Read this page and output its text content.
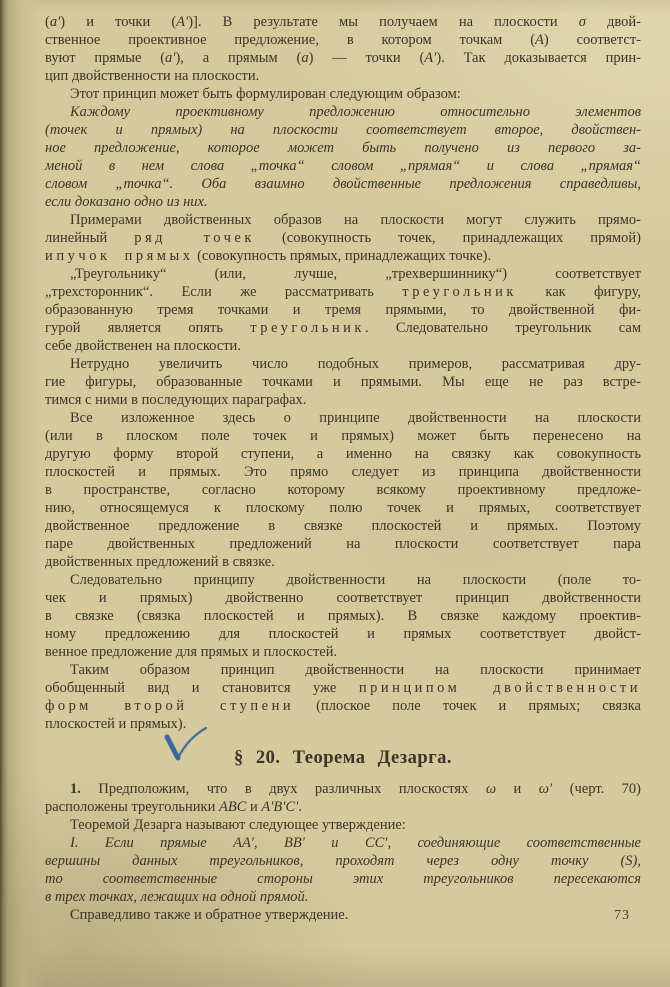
(a′) и точки (A′)]. В результате мы получаем на плоскости σ двой-
ственное проективное предложение, в котором точкам (A) соответст-
вуют прямые (a′), а прямым (a) — точки (A′). Так доказывается прин-
цип двойственности на плоскости.
Этот принцип может быть формулирован следующим образом:
Каждому проективному предложению относительно элементов
(точек и прямых) на плоскости соответствует второе, двойствен-
ное предложение, которое может быть получено из первого за-
меной в нем слова „точка“ словом „прямая“ и слова „прямая“
словом „точка“. Оба взаимно двойственные предложения справедливы,
если доказано одно из них.
Примерами двойственных образов на плоскости могут служить прямо-
линейный ряд точек (совокупность точек, принадлежащих прямой)
и пучок прямых (совокупность прямых, принадлежащих точке).
„Треугольнику“ (или, лучше, „трехвершиннику“) соответствует
„трехсторонник“. Если же рассматривать треугольник как фигуру,
образованную тремя точками и тремя прямыми, то двойственной фи-
гурой является опять треугольник. Следовательно треугольник сам
себе двойственен на плоскости.
Нетрудно увеличить число подобных примеров, рассматривая дру-
гие фигуры, образованные точками и прямыми. Мы еще не раз встре-
тимся с ними в последующих параграфах.
Все изложенное здесь о принципе двойственности на плоскости
(или в плоском поле точек и прямых) может быть перенесено на
другую форму второй ступени, а именно на связку как совокупность
плоскостей и прямых. Это прямо следует из принципа двойственности
в пространстве, согласно которому всякому проективному предложе-
нию, относящемуся к плоскому полю точек и прямых, соответствует
двойственное предложение в связке плоскостей и прямых. Поэтому
паре двойственных предложений на плоскости соответствует пара
двойственных предложений в связке.
Следовательно принципу двойственности на плоскости (поле то-
чек и прямых) двойственно соответствует принцип двойственности
в связке (связка плоскостей и прямых). В связке каждому проектив-
ному предложению для плоскостей и прямых соответствует двойст-
венное предложение для прямых и плоскостей.
Таким образом принцип двойственности на плоскости принимает
обобщенный вид и становится уже принципом двойственности
форм второй ступени (плоское поле точек и прямых; связка
плоскостей и прямых).
§ 20. Теорема Дезарга.
1. Предположим, что в двух различных плоскостях ω и ω′ (черт. 70)
расположены треугольники ABC и A′B′C′.
Теоремой Дезарга называют следующее утверждение:
I. Если прямые AA′, BB′ и CC′, соединяющие соответственные
вершины данных треугольников, проходят через одну точку (S),
то соответственные стороны этих треугольников пересекаются
в трех точках, лежащих на одной прямой.
Справедливо также и обратное утверждение.	73
